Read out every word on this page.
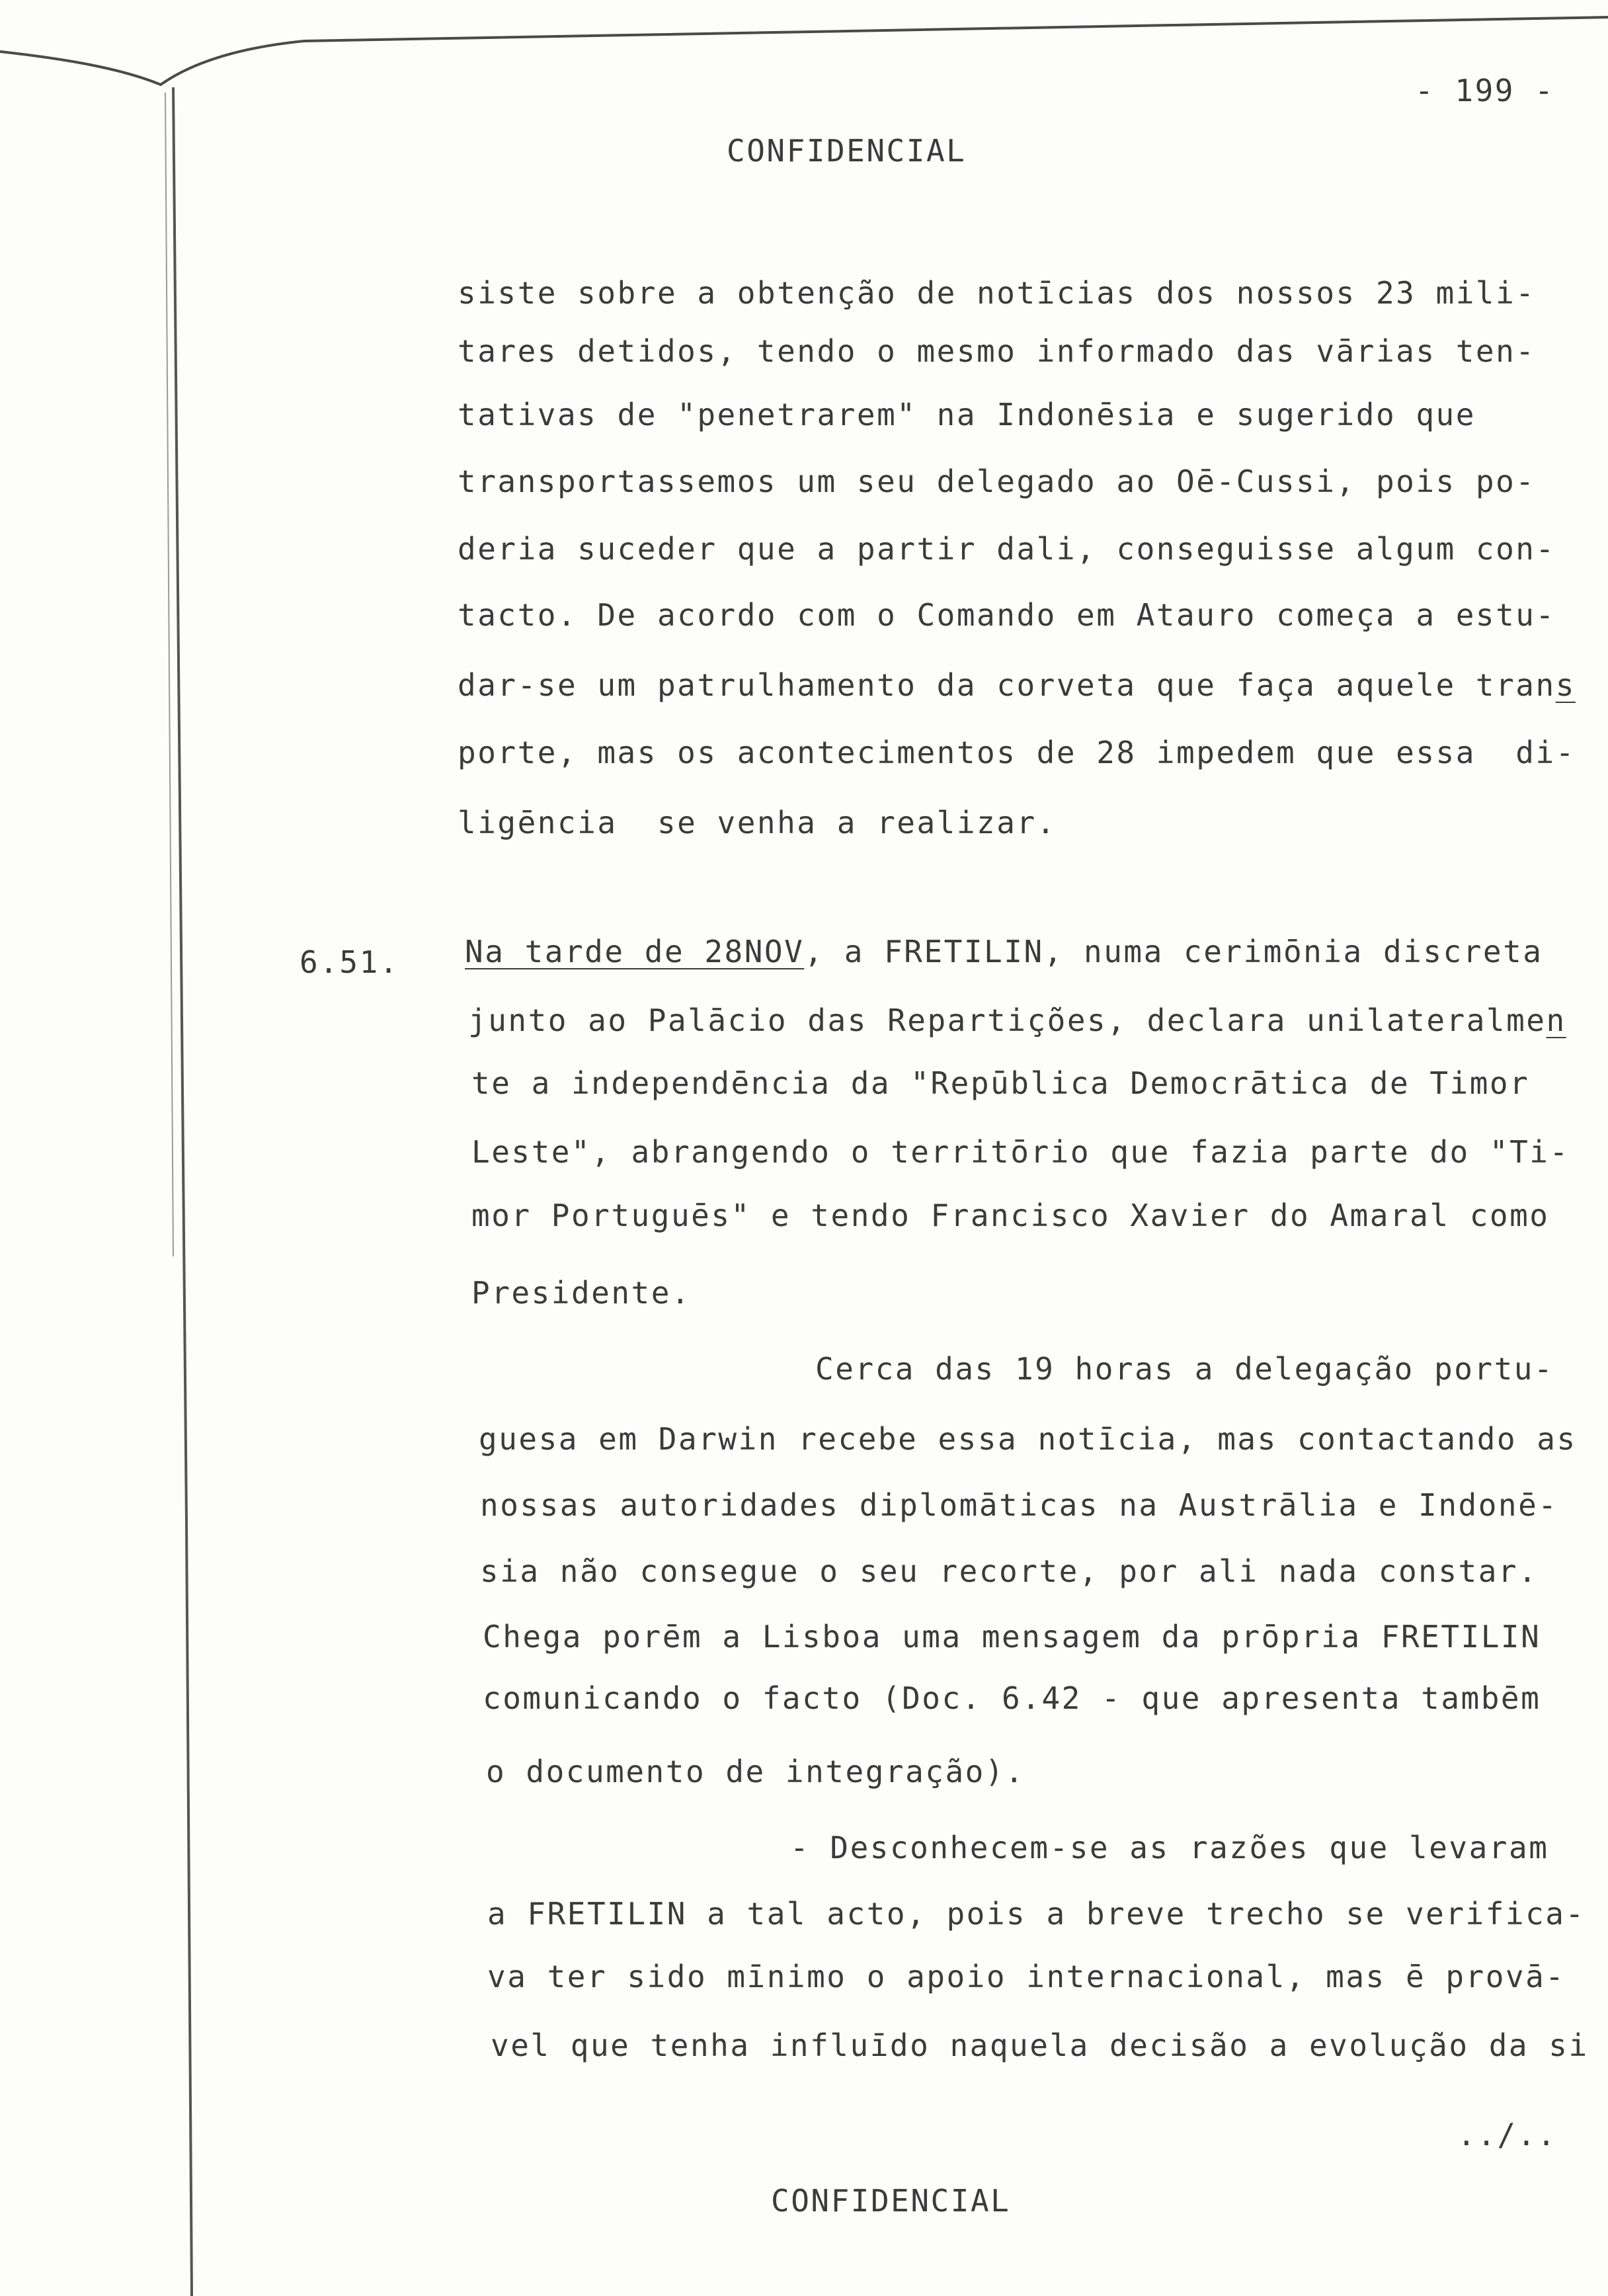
- 199 -
CONFIDENCIAL
siste sobre a obtenção de notīcias dos nossos 23 mili-
tares detidos, tendo o mesmo informado das vārias ten-
tativas de "penetrarem" na Indonēsia e sugerido que
transportassemos um seu delegado ao Oē-Cussi, pois po-
deria suceder que a partir dali, conseguisse algum con-
tacto. De acordo com o Comando em Atauro começa a estu-
dar-se um patrulhamento da corveta que faça aquele trans
porte, mas os acontecimentos de 28 impedem que essa  di-
ligēncia  se venha a realizar.
6.51. Na tarde de 28NOV, a FRETILIN, numa cerimōnia discreta
junto ao Palācio das Repartições, declara unilateralmen
te a independēncia da "Repūblica Democrātica de Timor
Leste", abrangendo o territōrio que fazia parte do "Ti-
mor Portuguēs" e tendo Francisco Xavier do Amaral como
Presidente.
Cerca das 19 horas a delegação portu-
guesa em Darwin recebe essa notīcia, mas contactando as
nossas autoridades diplomāticas na Austrālia e Indonē-
sia não consegue o seu recorte, por ali nada constar.
Chega porēm a Lisboa uma mensagem da prōpria FRETILIN
comunicando o facto (Doc. 6.42 - que apresenta tambēm
o documento de integração).
- Desconhecem-se as razões que levaram
a FRETILIN a tal acto, pois a breve trecho se verifica-
va ter sido mīnimo o apoio internacional, mas ē provā-
vel que tenha influīdo naquela decisão a evolução da si
../..
CONFIDENCIAL
